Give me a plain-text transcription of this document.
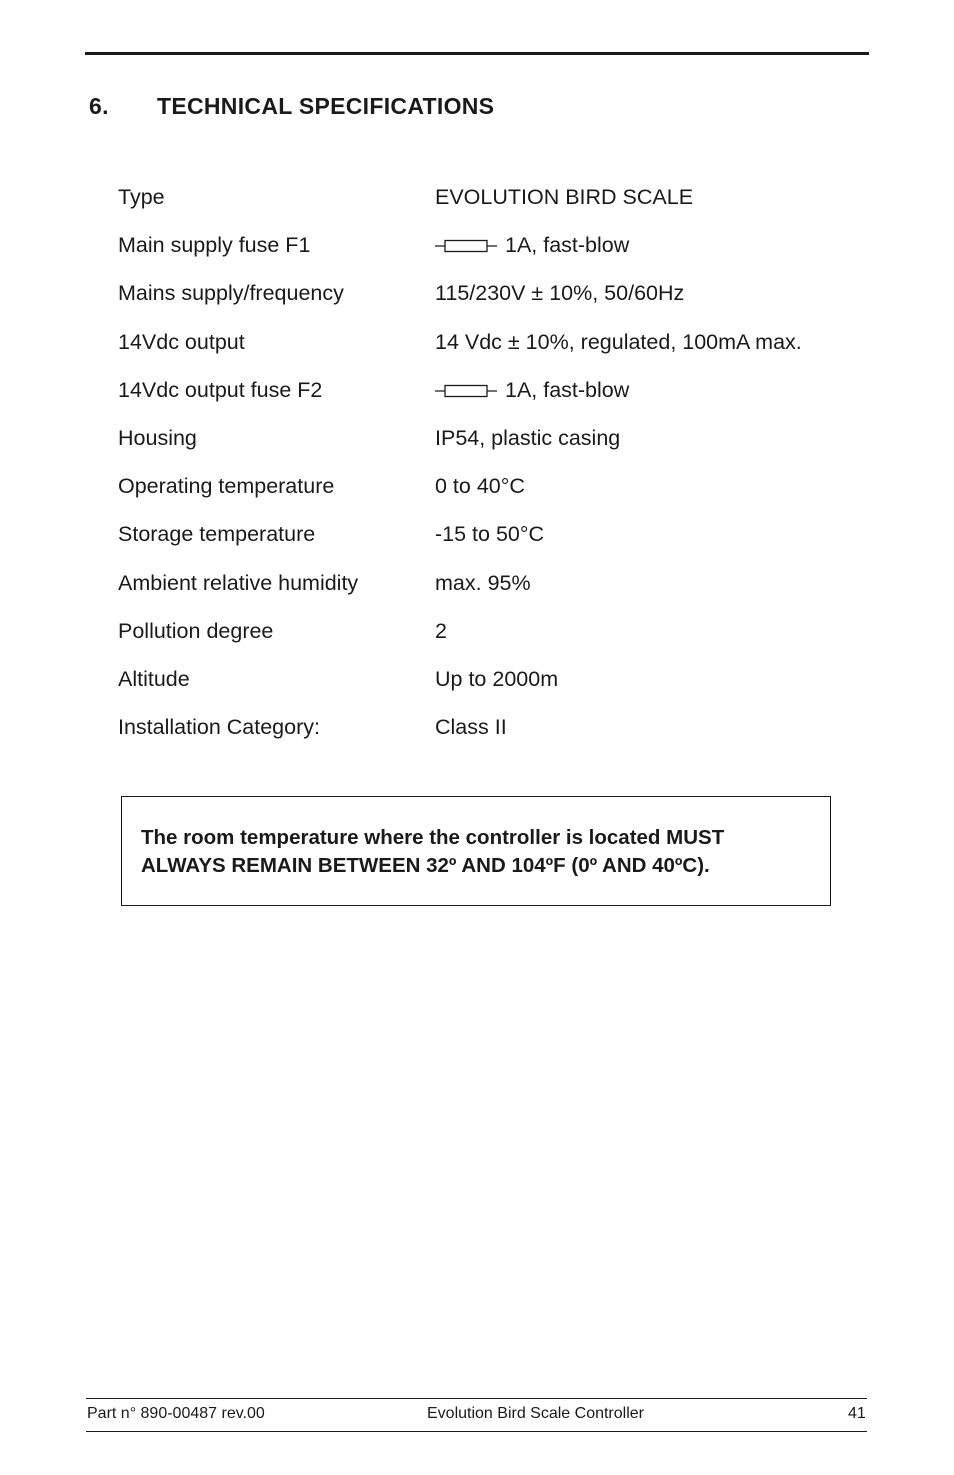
6. TECHNICAL SPECIFICATIONS
Type	EVOLUTION BIRD SCALE
Main supply fuse F1	1A, fast-blow
Mains supply/frequency	115/230V ± 10%, 50/60Hz
14Vdc output	14 Vdc ± 10%, regulated, 100mA max.
14Vdc output fuse F2	1A, fast-blow
Housing	IP54, plastic casing
Operating temperature	0 to 40°C
Storage temperature	-15 to 50°C
Ambient relative humidity	max. 95%
Pollution degree	2
Altitude	Up to 2000m
Installation Category:	Class II
The room temperature where the controller is located MUST
ALWAYS REMAIN BETWEEN 32º AND 104ºF (0º AND 40ºC).
Part n° 890-00487 rev.00	Evolution Bird Scale Controller	41
